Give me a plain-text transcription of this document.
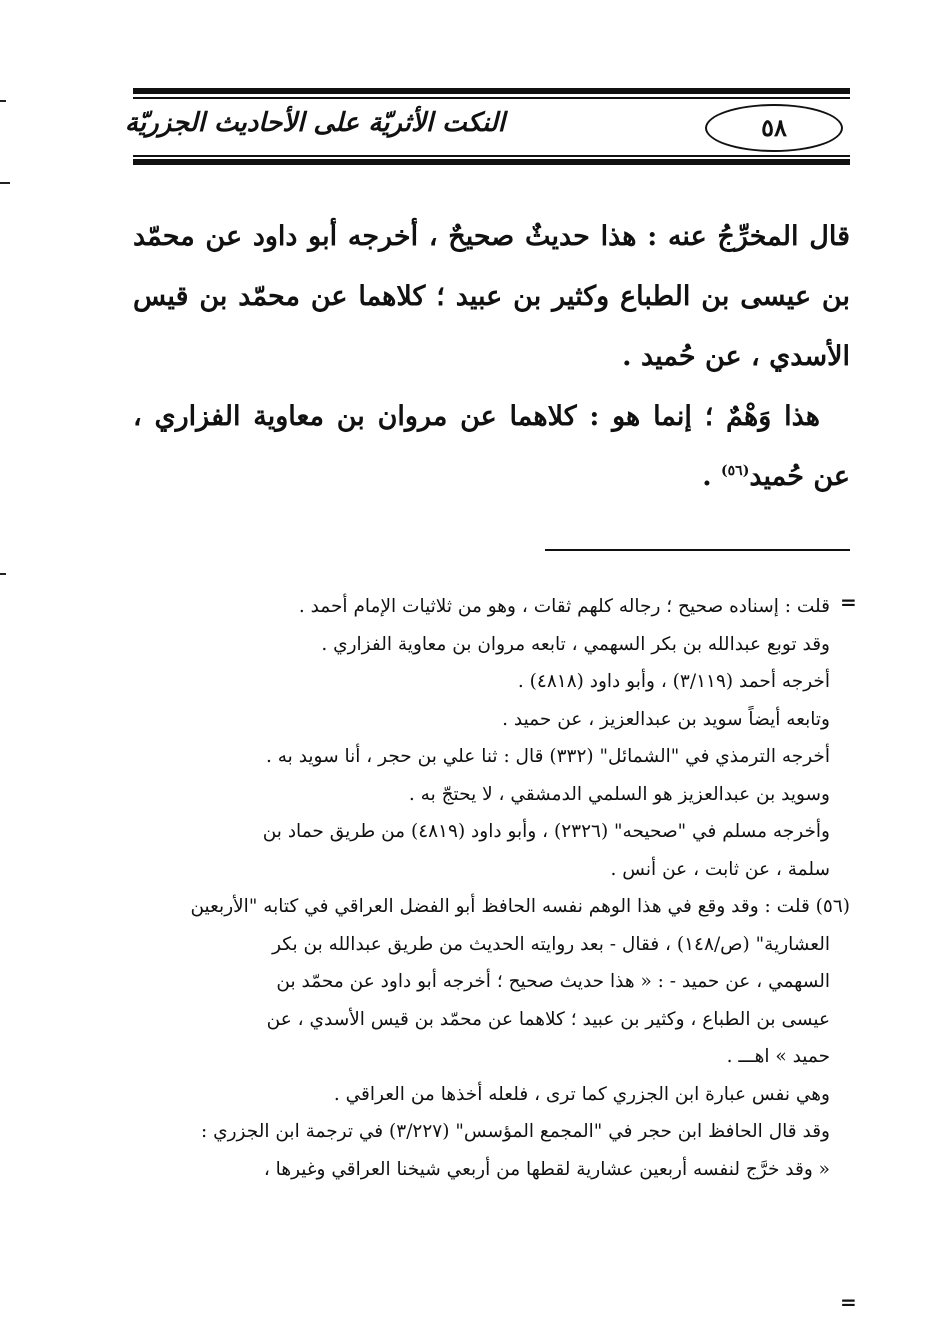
النكت الأثريّة على الأحاديث الجزريّة	٥٨
قال المخرِّجُ عنه : هذا حديثٌ صحيحٌ ، أخرجه أبو داود عن محمّد بن عيسى بن الطباع وكثير بن عبيد ؛ كلاهما عن محمّد بن قيس الأسدي ، عن حُميد .
هذا وَهْمٌ ؛ إنما هو : كلاهما عن مروان بن معاوية الفزاري ، عن حُميد$^{(٥٦)}$ .
=
قلت : إسناده صحيح ؛ رجاله كلهم ثقات ، وهو من ثلاثيات الإمام أحمد .
وقد توبع عبدالله بن بكر السهمي ، تابعه مروان بن معاوية الفزاري .
أخرجه أحمد (٣/١١٩) ، وأبو داود (٤٨١٨) .
وتابعه أيضاً سويد بن عبدالعزيز ، عن حميد .
أخرجه الترمذي في "الشمائل" (٣٣٢) قال : ثنا علي بن حجر ، أنا سويد به .
وسويد بن عبدالعزيز هو السلمي الدمشقي ، لا يحتجّ به .
وأخرجه مسلم في "صحيحه" (٢٣٢٦) ، وأبو داود (٤٨١٩) من طريق حماد بن
سلمة ، عن ثابت ، عن أنس .
(٥٦) قلت : وقد وقع في هذا الوهم نفسه الحافظ أبو الفضل العراقي في كتابه "الأربعين
العشارية" (ص/١٤٨) ، فقال - بعد روايته الحديث من طريق عبدالله بن بكر
السهمي ، عن حميد - : « هذا حديث صحيح ؛ أخرجه أبو داود عن محمّد بن
عيسى بن الطباع ، وكثير بن عبيد ؛ كلاهما عن محمّد بن قيس الأسدي ، عن
حميد » اهـــ .
وهي نفس عبارة ابن الجزري كما ترى ، فلعله أخذها من العراقي .
وقد قال الحافظ ابن حجر في "المجمع المؤسس" (٣/٢٢٧) في ترجمة ابن الجزري :
« وقد خرَّج لنفسه أربعين عشارية لقطها من أربعي شيخنا العراقي وغيرها ،
=
